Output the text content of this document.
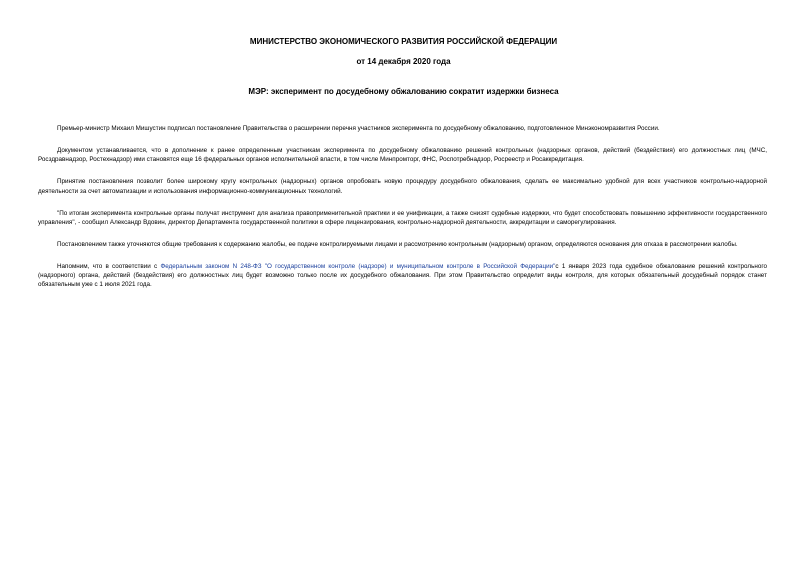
МИНИСТЕРСТВО ЭКОНОМИЧЕСКОГО РАЗВИТИЯ РОССИЙСКОЙ ФЕДЕРАЦИИ
от 14 декабря 2020 года
МЭР: эксперимент по досудебному обжалованию сократит издержки бизнеса

Премьер-министр Михаил Мишустин подписал постановление Правительства о расширении перечня участников эксперимента по досудебному обжалованию, подготовленное Минэкономразвития России.

Документом устанавливается, что в дополнение к ранее определенным участникам эксперимента по досудебному обжалованию решений контрольных (надзорных органов, действий (бездействия) его должностных лиц (МЧС, Росздравнадзор, Ростехнадзор) ими становятся еще 16 федеральных органов исполнительной власти, в том числе Минпромторг, ФНС, Роспотребнадзор, Росреестр и Росаккредитация.

Принятие постановления позволит более широкому кругу контрольных (надзорных) органов опробовать новую процедуру досудебного обжалования, сделать ее максимально удобной для всех участников контрольно-надзорной деятельности за счет автоматизации и использования информационно-коммуникационных технологий.

"По итогам эксперимента контрольные органы получат инструмент для анализа правоприменительной практики и ее унификации, а также снизят судебные издержки, что будет способствовать повышению эффективности государственного управления", - сообщил Александр Вдовин, директор Департамента государственной политики в сфере лицензирования, контрольно-надзорной деятельности, аккредитации и саморегулирования.

Постановлением также уточняются общие требования к содержанию жалобы, ее подаче контролируемыми лицами и рассмотрению контрольным (надзорным) органом, определяются основания для отказа в рассмотрении жалобы.

Напомним, что в соответствии с Федеральным законом N 248-ФЗ "О государственном контроле (надзоре) и муниципальном контроле в Российской Федерации"с 1 января 2023 года судебное обжалование решений контрольного (надзорного) органа, действий (бездействия) его должностных лиц будет возможно только после их досудебного обжалования. При этом Правительство определит виды контроля, для которых обязательный досудебный порядок станет обязательным уже с 1 июля 2021 года.
